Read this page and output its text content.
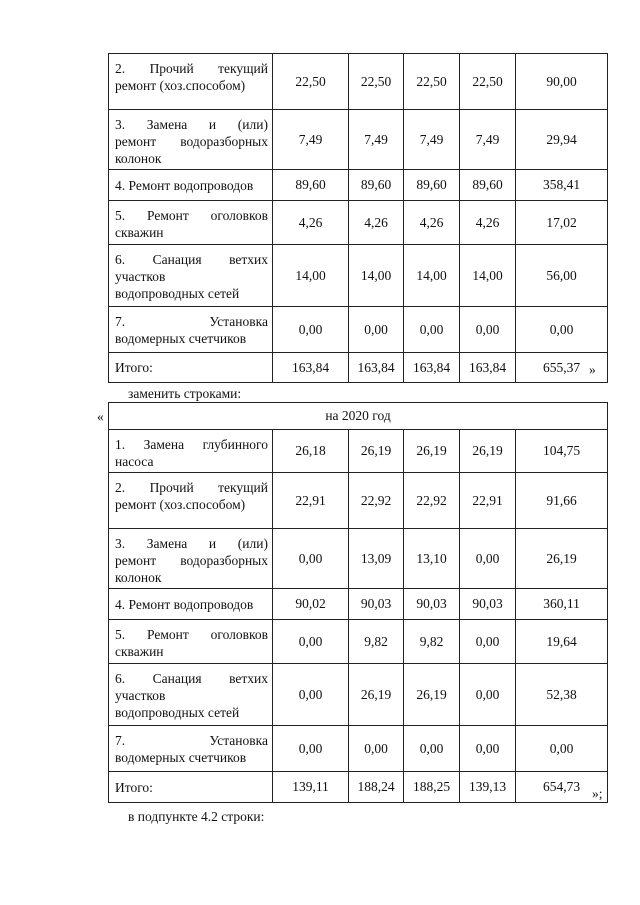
2. Прочий текущий
ремонт (хоз.способом)	22,50	22,50	22,50	22,50	90,00

3. Замена и (или)
ремонт водоразборных
колонок	7,49	7,49	7,49	7,49	29,94

4. Ремонт водопроводов	89,60	89,60	89,60	89,60	358,41

5. Ремонт оголовков
скважин	4,26	4,26	4,26	4,26	17,02

6. Санация ветхих
участков
водопроводных сетей	14,00	14,00	14,00	14,00	56,00

7. Установка
водомерных счетчиков	0,00	0,00	0,00	0,00	0,00

Итого:	163,84	163,84	163,84	163,84	655,37 »
заменить строками:
«	на 2020 год					

1. Замена глубинного
насоса	26,18	26,19	26,19	26,19	104,75

2. Прочий текущий
ремонт (хоз.способом)	22,91	22,92	22,92	22,91	91,66

3. Замена и (или)
ремонт водоразборных
колонок	0,00	13,09	13,10	0,00	26,19

4. Ремонт водопроводов	90,02	90,03	90,03	90,03	360,11

5. Ремонт оголовков
скважин	0,00	9,82	9,82	0,00	19,64

6. Санация ветхих
участков
водопроводных сетей	0,00	26,19	26,19	0,00	52,38

7. Установка
водомерных счетчиков	0,00	0,00	0,00	0,00	0,00

Итого:	139,11	188,24	188,25	139,13	654,73 »;
в подпункте 4.2 строки:
